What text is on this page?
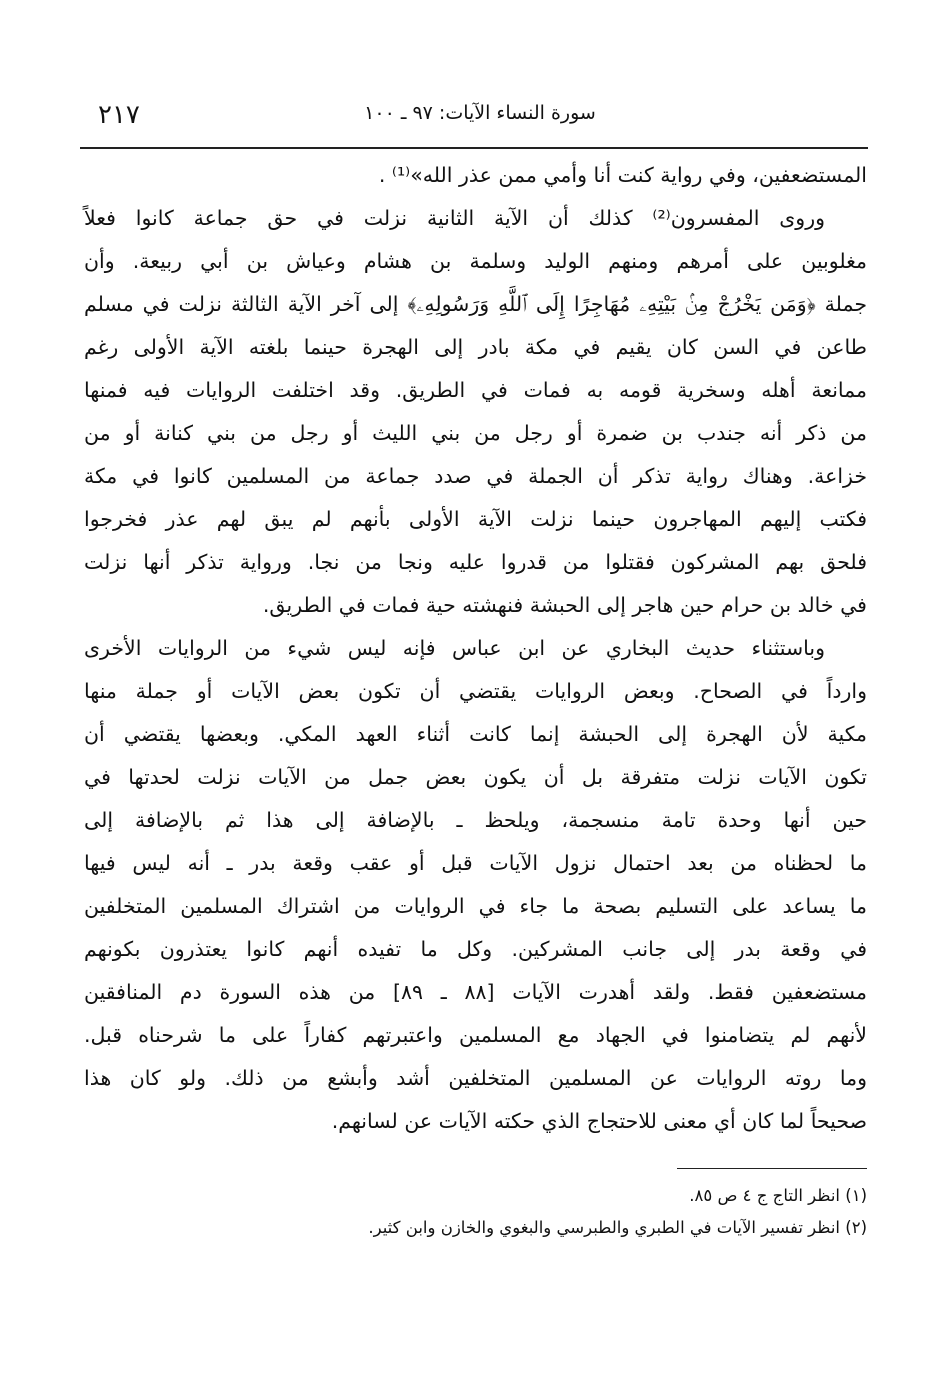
٢١٧	سورة النساء الآيات: ٩٧ ـ ١٠٠
المستضعفين، وفي رواية كنت أنا وأمي ممن عذر الله»⁽¹⁾ .
وروى المفسرون⁽²⁾ كذلك أن الآية الثانية نزلت في حق جماعة كانوا فعلاً
مغلوبين على أمرهم ومنهم الوليد وسلمة بن هشام وعياش بن أبي ربيعة. وأن
جملة ﴿وَمَن يَخْرُجْ مِنۢ بَيْتِهِۦ مُهَاجِرًا إِلَى ٱللَّهِ وَرَسُولِهِۦ﴾ إلى آخر الآية الثالثة نزلت في مسلم
طاعن في السن كان يقيم في مكة بادر إلى الهجرة حينما بلغته الآية الأولى رغم
ممانعة أهله وسخرية قومه به فمات في الطريق. وقد اختلفت الروايات فيه فمنها
من ذكر أنه جندب بن ضمرة أو رجل من بني الليث أو رجل من بني كنانة أو من
خزاعة. وهناك رواية تذكر أن الجملة في صدد جماعة من المسلمين كانوا في مكة
فكتب إليهم المهاجرون حينما نزلت الآية الأولى بأنهم لم يبق لهم عذر فخرجوا
فلحق بهم المشركون فقتلوا من قدروا عليه ونجا من نجا. ورواية تذكر أنها نزلت
في خالد بن حرام حين هاجر إلى الحبشة فنهشته حية فمات في الطريق.
وباستثناء حديث البخاري عن ابن عباس فإنه ليس شيء من الروايات الأخرى
وارداً في الصحاح. وبعض الروايات يقتضي أن تكون بعض الآيات أو جملة منها
مكية لأن الهجرة إلى الحبشة إنما كانت أثناء العهد المكي. وبعضها يقتضي أن
تكون الآيات نزلت متفرقة بل أن يكون بعض جمل من الآيات نزلت لحدتها في
حين أنها وحدة تامة منسجمة، ويلحظ ـ بالإضافة إلى هذا ثم بالإضافة إلى
ما لحظناه من بعد احتمال نزول الآيات قبل أو عقب وقعة بدر ـ أنه ليس فيها
ما يساعد على التسليم بصحة ما جاء في الروايات من اشتراك المسلمين المتخلفين
في وقعة بدر إلى جانب المشركين. وكل ما تفيده أنهم كانوا يعتذرون بكونهم
مستضعفين فقط. ولقد أهدرت الآيات [٨٨ ـ ٨٩] من هذه السورة دم المنافقين
لأنهم لم يتضامنوا في الجهاد مع المسلمين واعتبرتهم كفاراً على ما شرحناه قبل.
وما روته الروايات عن المسلمين المتخلفين أشد وأبشع من ذلك. ولو كان هذا
صحيحاً لما كان أي معنى للاحتجاج الذي حكته الآيات عن لسانهم.
(١) انظر التاج ج ٤ ص ٨٥.
(٢) انظر تفسير الآيات في الطبري والطبرسي والبغوي والخازن وابن كثير.
